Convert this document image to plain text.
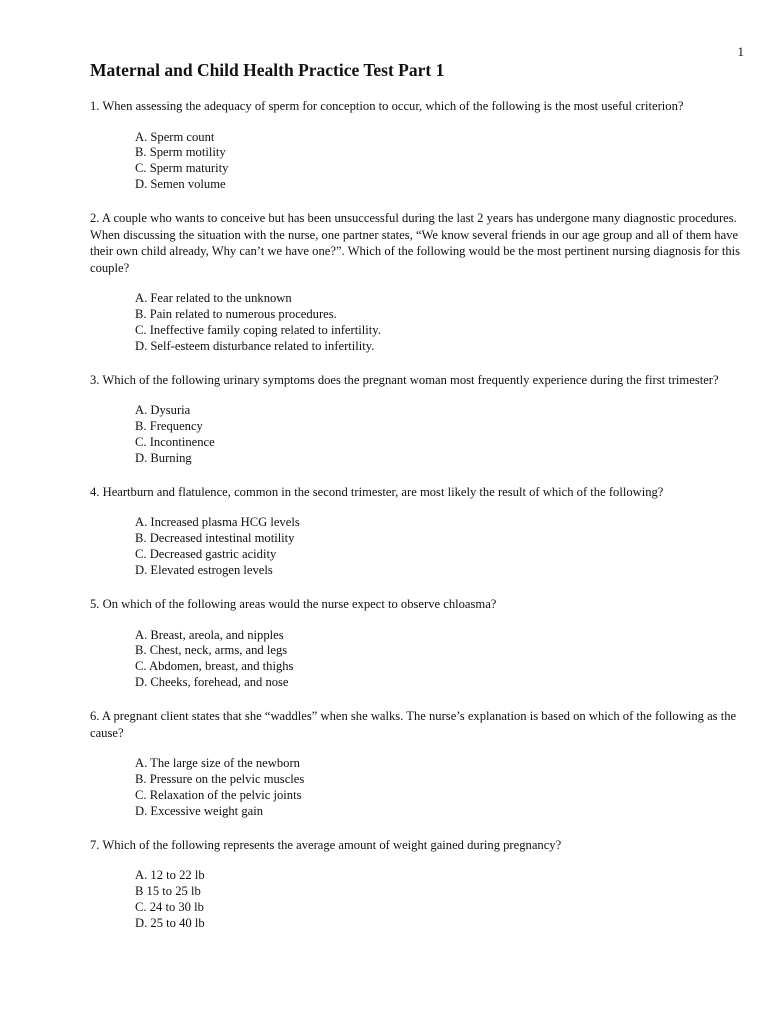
1
Maternal and Child Health Practice Test Part 1

1. When assessing the adequacy of sperm for conception to occur, which of the following is the most useful criterion?

A. Sperm count
B. Sperm motility
C. Sperm maturity
D. Semen volume

2. A couple who wants to conceive but has been unsuccessful during the last 2 years has undergone many diagnostic procedures. When discussing the situation with the nurse, one partner states, “We know several friends in our age group and all of them have their own child already, Why can’t we have one?”. Which of the following would be the most pertinent nursing diagnosis for this couple?

A. Fear related to the unknown
B. Pain related to numerous procedures.
C. Ineffective family coping related to infertility.
D. Self-esteem disturbance related to infertility.

3. Which of the following urinary symptoms does the pregnant woman most frequently experience during the first trimester?

A. Dysuria
B. Frequency
C. Incontinence
D. Burning

4. Heartburn and flatulence, common in the second trimester, are most likely the result of which of the following?

A. Increased plasma HCG levels
B. Decreased intestinal motility
C. Decreased gastric acidity
D. Elevated estrogen levels

5. On which of the following areas would the nurse expect to observe chloasma?

A. Breast, areola, and nipples
B. Chest, neck, arms, and legs
C. Abdomen, breast, and thighs
D. Cheeks, forehead, and nose

6. A pregnant client states that she “waddles” when she walks. The nurse’s explanation is based on which of the following as the cause?

A. The large size of the newborn
B. Pressure on the pelvic muscles
C. Relaxation of the pelvic joints
D. Excessive weight gain

7. Which of the following represents the average amount of weight gained during pregnancy?

A. 12 to 22 lb
B 15 to 25 lb
C. 24 to 30 lb
D. 25 to 40 lb
